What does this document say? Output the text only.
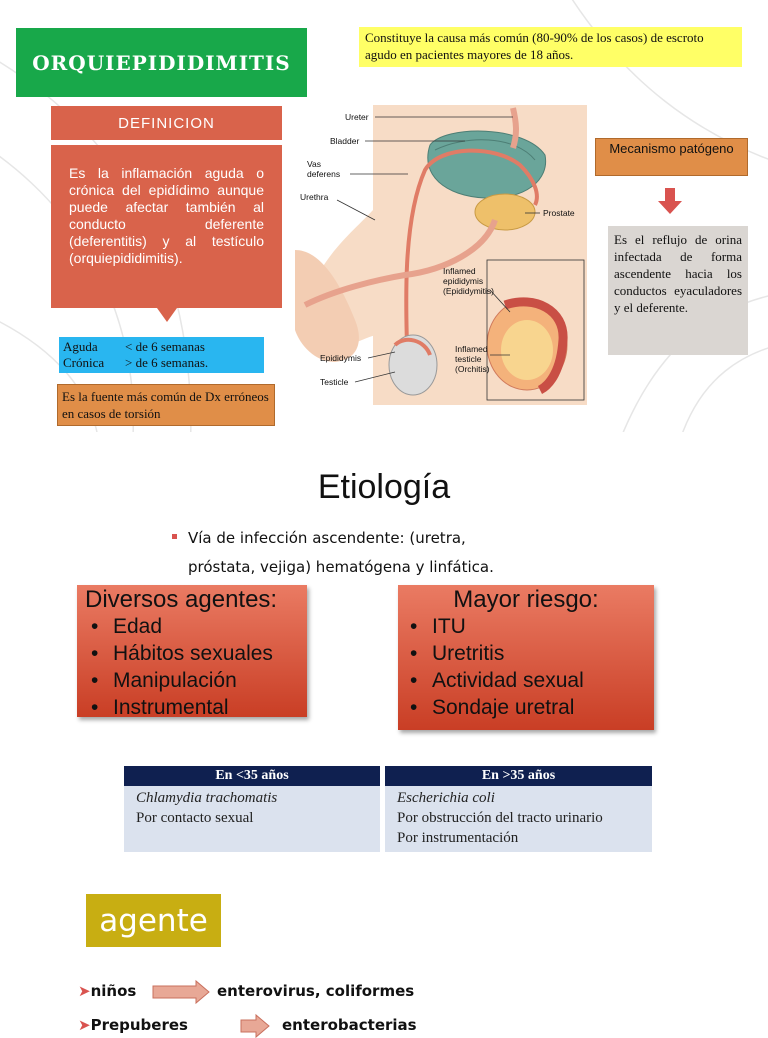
ORQUIEPIDIDIMITIS
Constituye la causa más común (80-90% de los casos) de escroto agudo en pacientes mayores de 18 años.
DEFINICION
Es la inflamación aguda o crónica del epidídimo aunque puede afectar también al conducto deferente (deferentitis) y al testículo (orquiepididimitis).
Aguda	< de 6 semanas
Crónica	> de 6 semanas.
Es la fuente más común de Dx erróneos en casos de torsión
Ureter
Bladder
Vas
deferens
Urethra
Prostate
Inflamed
epididymis
(Epididymitis)
Inflamed
testicle
(Orchitis)
Epididymis
Testicle
Mecanismo patógeno
Es el reflujo de orina infectada de forma ascendente hacia los conductos eyaculadores y el deferente.
Etiología
Vía de infección ascendente: (uretra,
próstata, vejiga) hematógena y linfática.
Diversos agentes:
• Edad
• Hábitos sexuales
• Manipulación
• Instrumental
Mayor riesgo:
• ITU
• Uretritis
• Actividad sexual
• Sondaje uretral
En <35 años
Chlamydia trachomatis
Por contacto sexual
En >35 años
Escherichia coli
Por obstrucción del tracto urinario
Por instrumentación
agente
➤niños	enterovirus, coliformes
➤Prepuberes	enterobacterias
